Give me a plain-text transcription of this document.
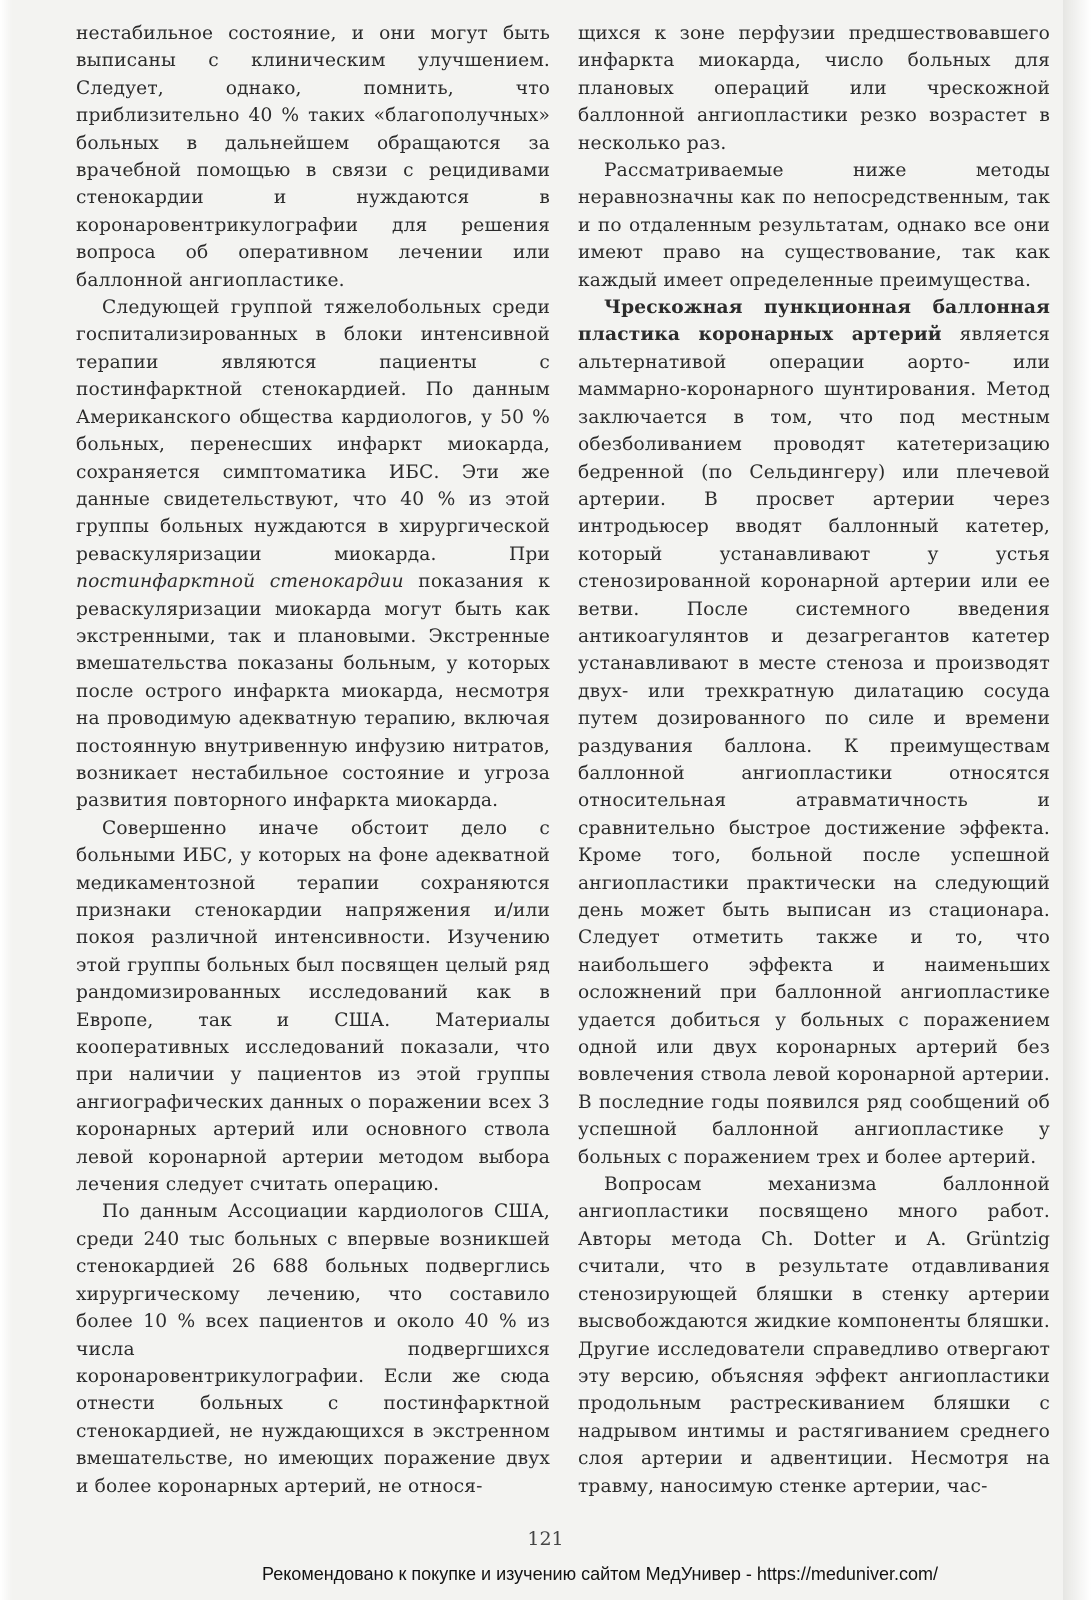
нестабильное состояние, и они могут быть выписаны с клиническим улучшением. Следует, однако, помнить, что приблизительно 40 % таких «благополучных» больных в дальнейшем обращаются за врачебной помощью в связи с рецидивами стенокардии и нуждаются в коронаровентрикулографии для решения вопроса об оперативном лечении или баллонной ангиопластике.

Следующей группой тяжелобольных среди госпитализированных в блоки интенсивной терапии являются пациенты с постинфарктной стенокардией. По данным Американского общества кардиологов, у 50 % больных, перенесших инфаркт миокарда, сохраняется симптоматика ИБС. Эти же данные свидетельствуют, что 40 % из этой группы больных нуждаются в хирургической реваскуляризации миокарда. При постинфарктной стенокардии показания к реваскуляризации миокарда могут быть как экстренными, так и плановыми. Экстренные вмешательства показаны больным, у которых после острого инфаркта миокарда, несмотря на проводимую адекватную терапию, включая постоянную внутривенную инфузию нитратов, возникает нестабильное состояние и угроза развития повторного инфаркта миокарда.

Совершенно иначе обстоит дело с больными ИБС, у которых на фоне адекватной медикаментозной терапии сохраняются признаки стенокардии напряжения и/или покоя различной интенсивности. Изучению этой группы больных был посвящен целый ряд рандомизированных исследований как в Европе, так и США. Материалы кооперативных исследований показали, что при наличии у пациентов из этой группы ангиографических данных о поражении всех 3 коронарных артерий или основного ствола левой коронарной артерии методом выбора лечения следует считать операцию.

По данным Ассоциации кардиологов США, среди 240 тыс больных с впервые возникшей стенокардией 26 688 больных подверглись хирургическому лечению, что составило более 10 % всех пациентов и около 40 % из числа подвергшихся коронаровентрикулографии. Если же сюда отнести больных с постинфарктной стенокардией, не нуждающихся в экстренном вмешательстве, но имеющих поражение двух и более коронарных артерий, не относя-

щихся к зоне перфузии предшествовавшего инфаркта миокарда, число больных для плановых операций или чрескожной баллонной ангиопластики резко возрастет в несколько раз.

Рассматриваемые ниже методы неравнозначны как по непосредственным, так и по отдаленным результатам, однако все они имеют право на существование, так как каждый имеет определенные преимущества.

Чрескожная пункционная баллонная пластика коронарных артерий является альтернативой операции аорто- или маммарно-коронарного шунтирования. Метод заключается в том, что под местным обезболиванием проводят катетеризацию бедренной (по Сельдингеру) или плечевой артерии. В просвет артерии через интродьюсер вводят баллонный катетер, который устанавливают у устья стенозированной коронарной артерии или ее ветви. После системного введения антикоагулянтов и дезагрегантов катетер устанавливают в месте стеноза и производят двух- или трехкратную дилатацию сосуда путем дозированного по силе и времени раздувания баллона. К преимуществам баллонной ангиопластики относятся относительная атравматичность и сравнительно быстрое достижение эффекта. Кроме того, больной после успешной ангиопластики практически на следующий день может быть выписан из стационара. Следует отметить также и то, что наибольшего эффекта и наименьших осложнений при баллонной ангиопластике удается добиться у больных с поражением одной или двух коронарных артерий без вовлечения ствола левой коронарной артерии. В последние годы появился ряд сообщений об успешной баллонной ангиопластике у больных с поражением трех и более артерий.

Вопросам механизма баллонной ангиопластики посвящено много работ. Авторы метода Ch. Dotter и A. Grüntzig считали, что в результате отдавливания стенозирующей бляшки в стенку артерии высвобождаются жидкие компоненты бляшки. Другие исследователи справедливо отвергают эту версию, объясняя эффект ангиопластики продольным растрескиванием бляшки с надрывом интимы и растягиванием среднего слоя артерии и адвентиции. Несмотря на травму, наносимую стенке артерии, час-

121
Рекомендовано к покупке и изучению сайтом МедУнивер - https://meduniver.com/
